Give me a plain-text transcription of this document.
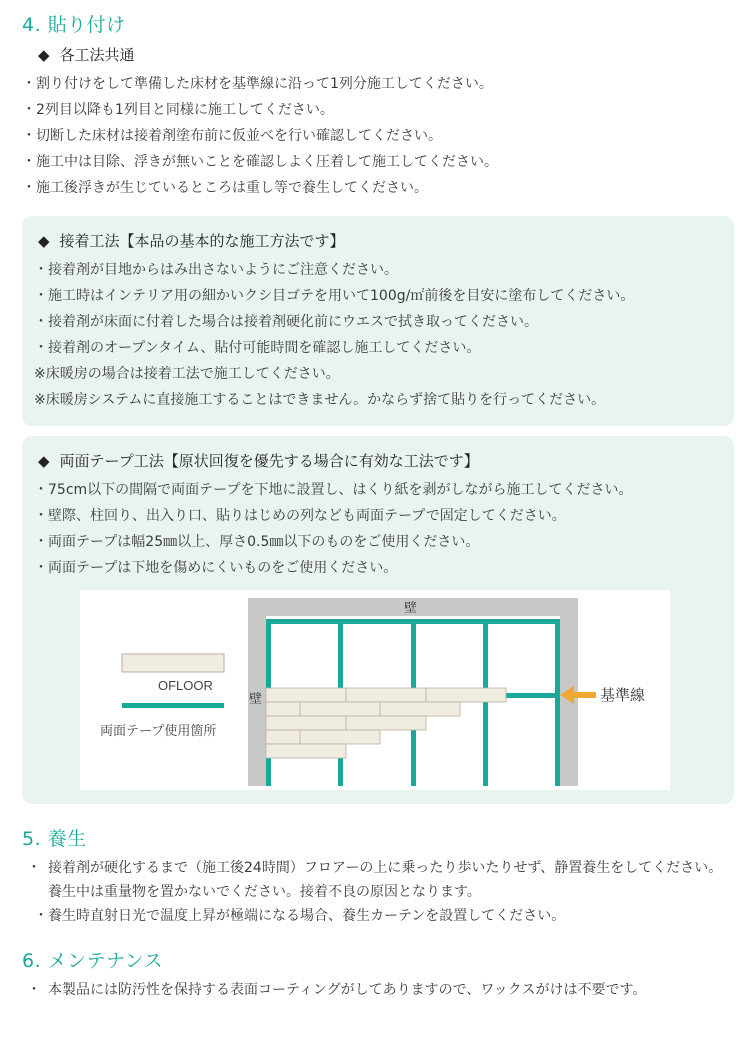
4. 貼り付け
◆ 各工法共通
・割り付けをして準備した床材を基準線に沿って1列分施工してください。
・2列目以降も1列目と同様に施工してください。
・切断した床材は接着剤塗布前に仮並べを行い確認してください。
・施工中は目除、浮きが無いことを確認しよく圧着して施工してください。
・施工後浮きが生じているところは重し等で養生してください。
◆ 接着工法【本品の基本的な施工方法です】
・接着剤が目地からはみ出さないようにご注意ください。
・施工時はインテリア用の細かいクシ目ゴテを用いて100g/㎡前後を目安に塗布してください。
・接着剤が床面に付着した場合は接着剤硬化前にウエスで拭き取ってください。
・接着剤のオープンタイム、貼付可能時間を確認し施工してください。
※床暖房の場合は接着工法で施工してください。
※床暖房システムに直接施工することはできません。かならず捨て貼りを行ってください。
◆ 両面テープ工法【原状回復を優先する場合に有効な工法です】
・75cm以下の間隔で両面テープを下地に設置し、はくり紙を剥がしながら施工してください。
・壁際、柱回り、出入り口、貼りはじめの列なども両面テープで固定してください。
・両面テープは幅25㎜以上、厚さ0.5㎜以下のものをご使用ください。
・両面テープは下地を傷めにくいものをご使用ください。
OFLOOR
両面テープ使用箇所
壁
壁	基準線
5. 養生
・ 接着剤が硬化するまで（施工後24時間）フロアーの上に乗ったり歩いたりせず、静置養生をしてください。養生中は重量物を置かないでください。接着不良の原因となります。
・養生時直射日光で温度上昇が極端になる場合、養生カーテンを設置してください。
6. メンテナンス
・ 本製品には防汚性を保持する表面コーティングがしてありますので、ワックスがけは不要です。
